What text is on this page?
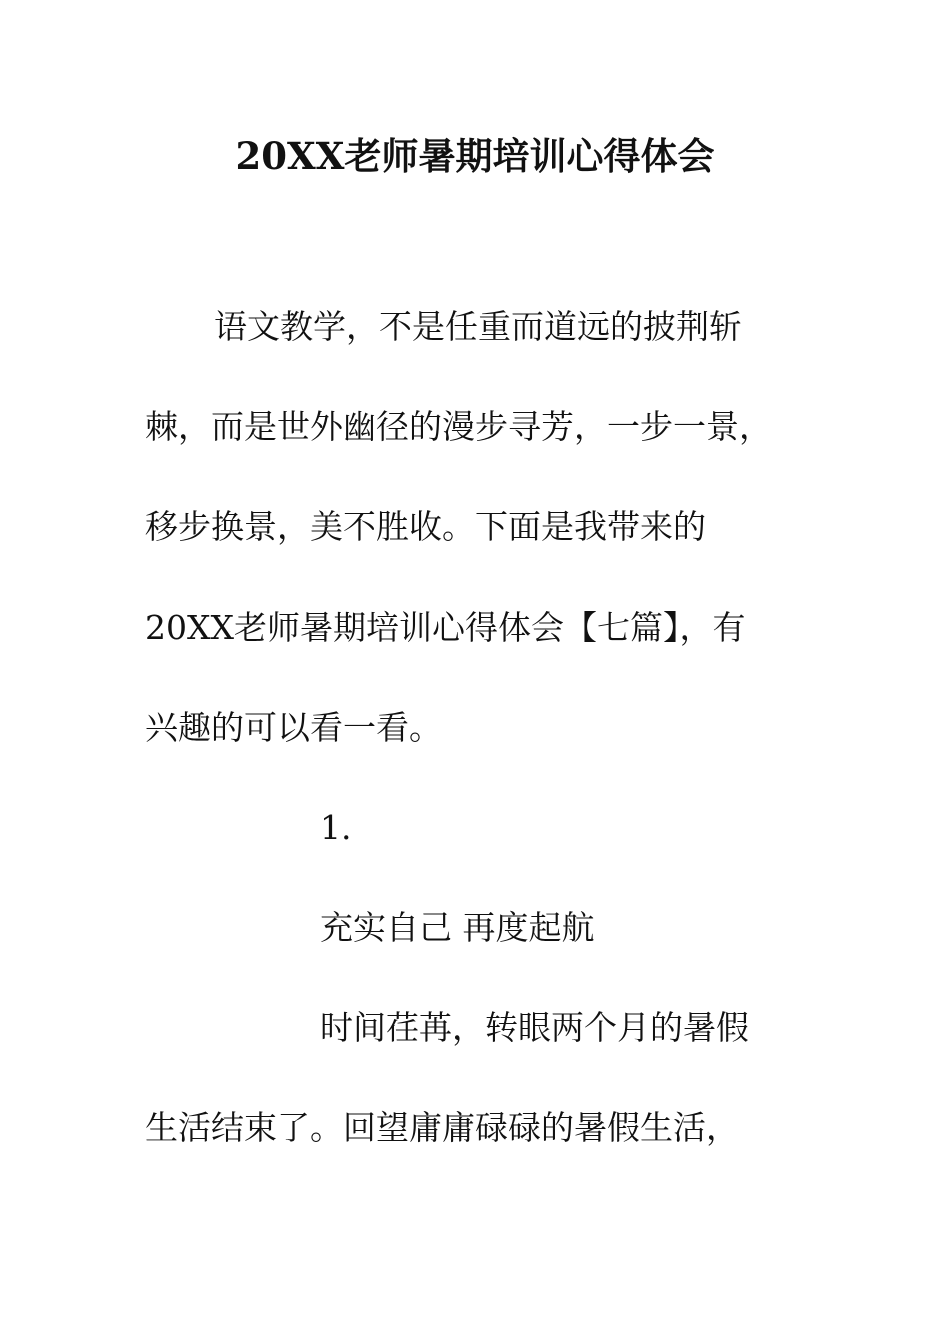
20XX老师暑期培训心得体会
语文教学，不是任重而道远的披荆斩
棘，而是世外幽径的漫步寻芳，一步一景，
移步换景，美不胜收。下面是我带来的
20XX老师暑期培训心得体会【七篇】，有
兴趣的可以看一看。
1.
充实自己 再度起航
时间荏苒，转眼两个月的暑假
生活结束了。回望庸庸碌碌的暑假生活，
